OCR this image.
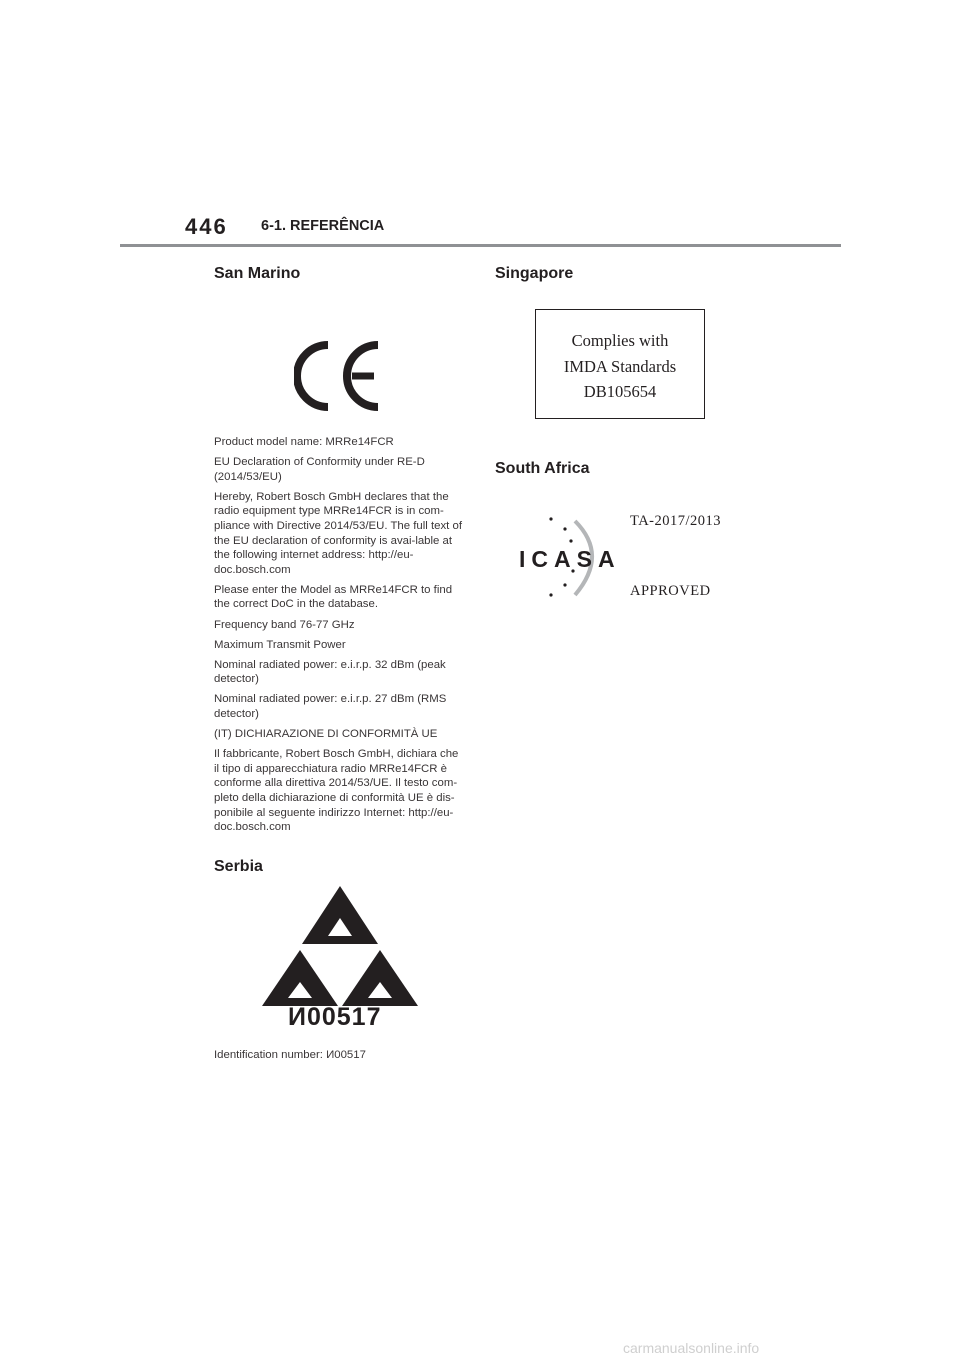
446 6-1. REFERÊNCIA
San Marino

Product model name: MRRe14FCR

EU Declaration of Conformity under RE-D (2014/53/EU)

Hereby, Robert Bosch GmbH declares that the radio equipment type MRRe14FCR is in com-pliance with Directive 2014/53/EU. The full text of the EU declaration of conformity is avai-lable at the following internet address: http://eu-doc.bosch.com

Please enter the Model as MRRe14FCR to find the correct DoC in the database.

Frequency band 76-77 GHz

Maximum Transmit Power

Nominal radiated power: e.i.r.p. 32 dBm (peak detector)

Nominal radiated power: e.i.r.p. 27 dBm (RMS detector)

(IT) DICHIARAZIONE DI CONFORMITÀ UE

Il fabbricante, Robert Bosch GmbH, dichiara che il tipo di apparecchiatura radio MRRe14FCR è conforme alla direttiva 2014/53/UE. Il testo com-pleto della dichiarazione di conformità UE è dis-ponibile al seguente indirizzo Internet: http://eu-doc.bosch.com

Serbia
И00517

Identification number: И00517

Singapore
Complies with
IMDA Standards
DB105654
South Africa
TA-2017/2013
ICASA
APPROVED
carmanualsonline.info
